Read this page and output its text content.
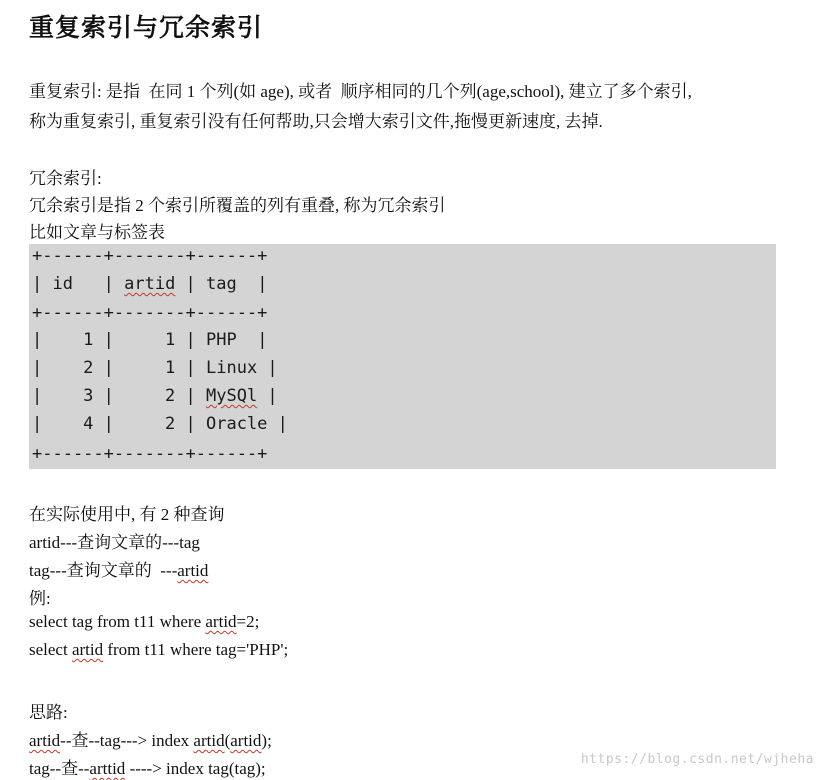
重复索引与冗余索引
重复索引: 是指  在同 1 个列(如 age), 或者  顺序相同的几个列(age,school), 建立了多个索引,
称为重复索引, 重复索引没有任何帮助,只会增大索引文件,拖慢更新速度, 去掉.
冗余索引:
冗余索引是指 2 个索引所覆盖的列有重叠, 称为冗余索引
比如文章与标签表
+------+-------+------+
| id   | artid | tag  |
+------+-------+------+
|    1 |     1 | PHP  |
|    2 |     1 | Linux |
|    3 |     2 | MySQl |
|    4 |     2 | Oracle |
+------+-------+------+
在实际使用中, 有 2 种查询
artid---查询文章的---tag
tag---查询文章的  ---artid
例:
select tag from t11 where artid=2;
select artid from t11 where tag='PHP';
思路:
artid--查--tag---> index artid(artid);
tag--查--arttid ----> index tag(tag);	https://blog.csdn.net/wjheha
